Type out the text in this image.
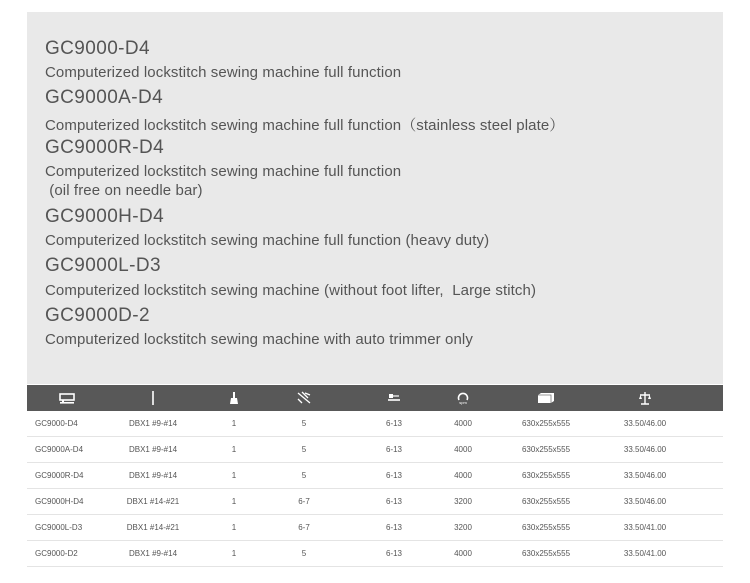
GC9000-D4
Computerized lockstitch sewing machine full function
GC9000A-D4
Computerized lockstitch sewing machine full function（stainless steel plate）
GC9000R-D4
Computerized lockstitch sewing machine full function
(oil free on needle bar)
GC9000H-D4
Computerized lockstitch sewing machine full function (heavy duty)
GC9000L-D3
Computerized lockstitch sewing machine (without foot lifter,  Large stitch)
GC9000D-2
Computerized lockstitch sewing machine with auto trimmer only
spm
GC9000-D4	DBX1 #9-#14	1	5	6-13	4000	630x255x555	33.50/46.00
GC9000A-D4	DBX1 #9-#14	1	5	6-13	4000	630x255x555	33.50/46.00
GC9000R-D4	DBX1 #9-#14	1	5	6-13	4000	630x255x555	33.50/46.00
GC9000H-D4	DBX1 #14-#21	1	6-7	6-13	3200	630x255x555	33.50/46.00
GC9000L-D3	DBX1 #14-#21	1	6-7	6-13	3200	630x255x555	33.50/41.00
GC9000-D2	DBX1 #9-#14	1	5	6-13	4000	630x255x555	33.50/41.00
